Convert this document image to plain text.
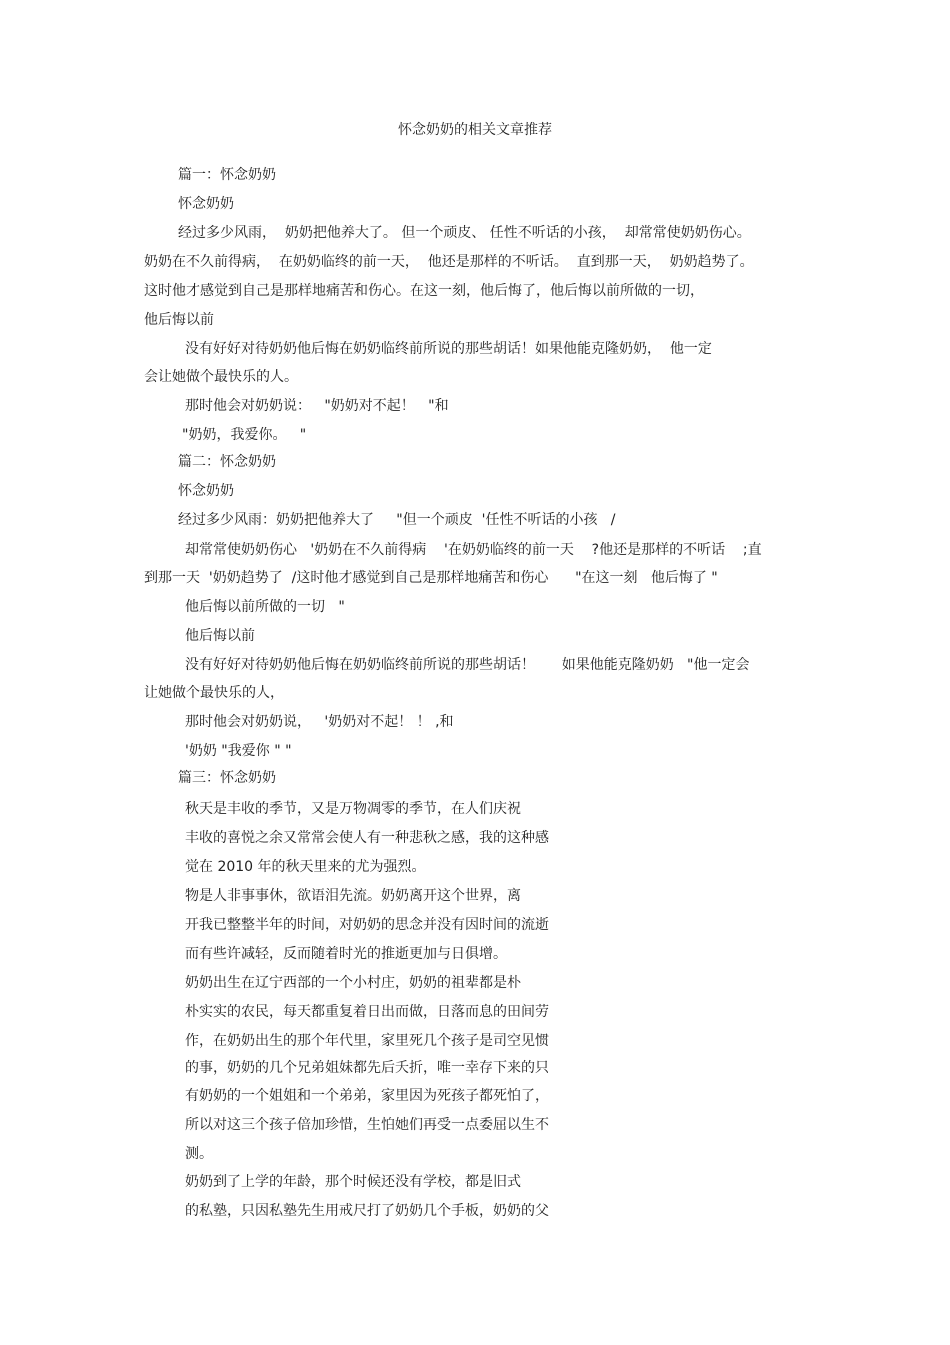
怀念奶奶的相关文章推荐
篇一：怀念奶奶
怀念奶奶
经过多少风雨，  奶奶把他养大了。 但一个顽皮、 任性不听话的小孩，  却常常使奶奶伤心。
奶奶在不久前得病，  在奶奶临终的前一天，  他还是那样的不听话。  直到那一天，  奶奶趋势了。
这时他才感觉到自己是那样地痛苦和伤心。在这一刻，他后悔了，他后悔以前所做的一切，
他后悔以前
没有好好对待奶奶他后悔在奶奶临终前所说的那些胡话！如果他能克隆奶奶，  他一定
会让她做个最快乐的人。
那时他会对奶奶说：   "奶奶对不起！   "和
"奶奶，我爱你。   "
篇二：怀念奶奶
怀念奶奶
经过多少风雨：奶奶把他养大了     "但一个顽皮  '任性不听话的小孩   /
却常常使奶奶伤心   '奶奶在不久前得病    '在奶奶临终的前一天    ?他还是那样的不听话    ;直
到那一天  '奶奶趋势了  /这时他才感觉到自己是那样地痛苦和伤心      "在这一刻   他后悔了 "
他后悔以前所做的一切   "
他后悔以前
没有好好对待奶奶他后悔在奶奶临终前所说的那些胡话！      如果他能克隆奶奶   "他一定会
让她做个最快乐的人，
那时他会对奶奶说，   '奶奶对不起！ ！ ,和
'奶奶 "我爱你 " "
篇三：怀念奶奶
秋天是丰收的季节，又是万物凋零的季节，在人们庆祝
丰收的喜悦之余又常常会使人有一种悲秋之感，我的这种感
觉在 2010 年的秋天里来的尤为强烈。
物是人非事事休，欲语泪先流。奶奶离开这个世界，离
开我已整整半年的时间，对奶奶的思念并没有因时间的流逝
而有些许减轻，反而随着时光的推逝更加与日俱增。
奶奶出生在辽宁西部的一个小村庄，奶奶的祖辈都是朴
朴实实的农民，每天都重复着日出而做，日落而息的田间劳
作，在奶奶出生的那个年代里，家里死几个孩子是司空见惯
的事，奶奶的几个兄弟姐妹都先后夭折，唯一幸存下来的只
有奶奶的一个姐姐和一个弟弟，家里因为死孩子都死怕了，
所以对这三个孩子倍加珍惜，生怕她们再受一点委屈以生不
测。
奶奶到了上学的年龄，那个时候还没有学校，都是旧式
的私塾，只因私塾先生用戒尺打了奶奶几个手板，奶奶的父
